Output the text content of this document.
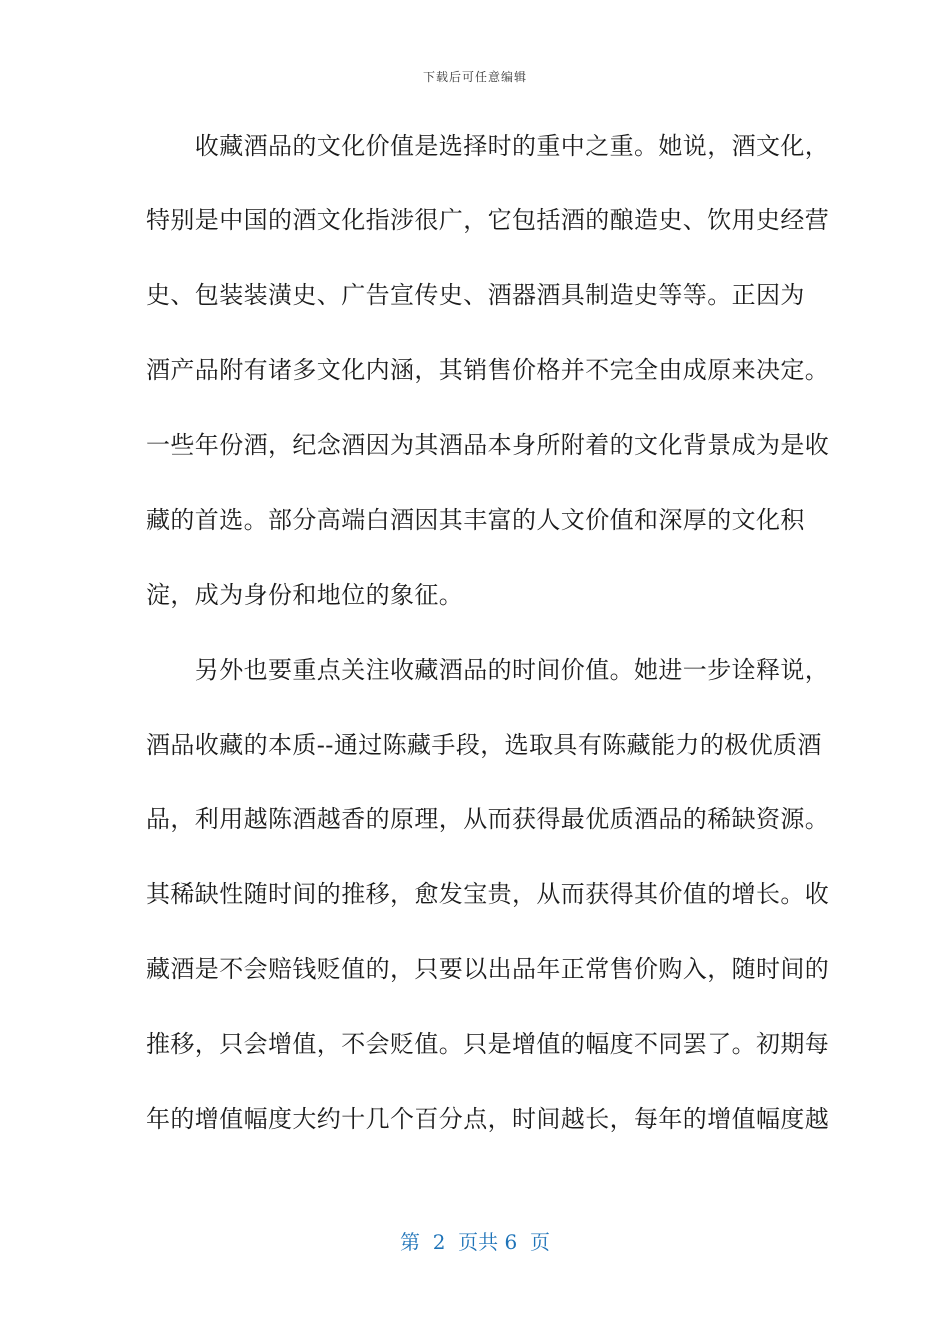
下载后可任意编辑
　　收藏酒品的文化价值是选择时的重中之重。她说，酒文化，
特别是中国的酒文化指涉很广，它包括酒的酿造史、饮用史经营
史、包装装潢史、广告宣传史、酒器酒具制造史等等。正因为
酒产品附有诸多文化内涵，其销售价格并不完全由成原来决定。
一些年份酒，纪念酒因为其酒品本身所附着的文化背景成为是收
藏的首选。部分高端白酒因其丰富的人文价值和深厚的文化积
淀，成为身份和地位的象征。
　　另外也要重点关注收藏酒品的时间价值。她进一步诠释说，
酒品收藏的本质--通过陈藏手段，选取具有陈藏能力的极优质酒
品，利用越陈酒越香的原理，从而获得最优质酒品的稀缺资源。
其稀缺性随时间的推移，愈发宝贵，从而获得其价值的增长。收
藏酒是不会赔钱贬值的，只要以出品年正常售价购入，随时间的
推移，只会增值，不会贬值。只是增值的幅度不同罢了。初期每
年的增值幅度大约十几个百分点，时间越长，每年的增值幅度越
第  2  页共 6  页
